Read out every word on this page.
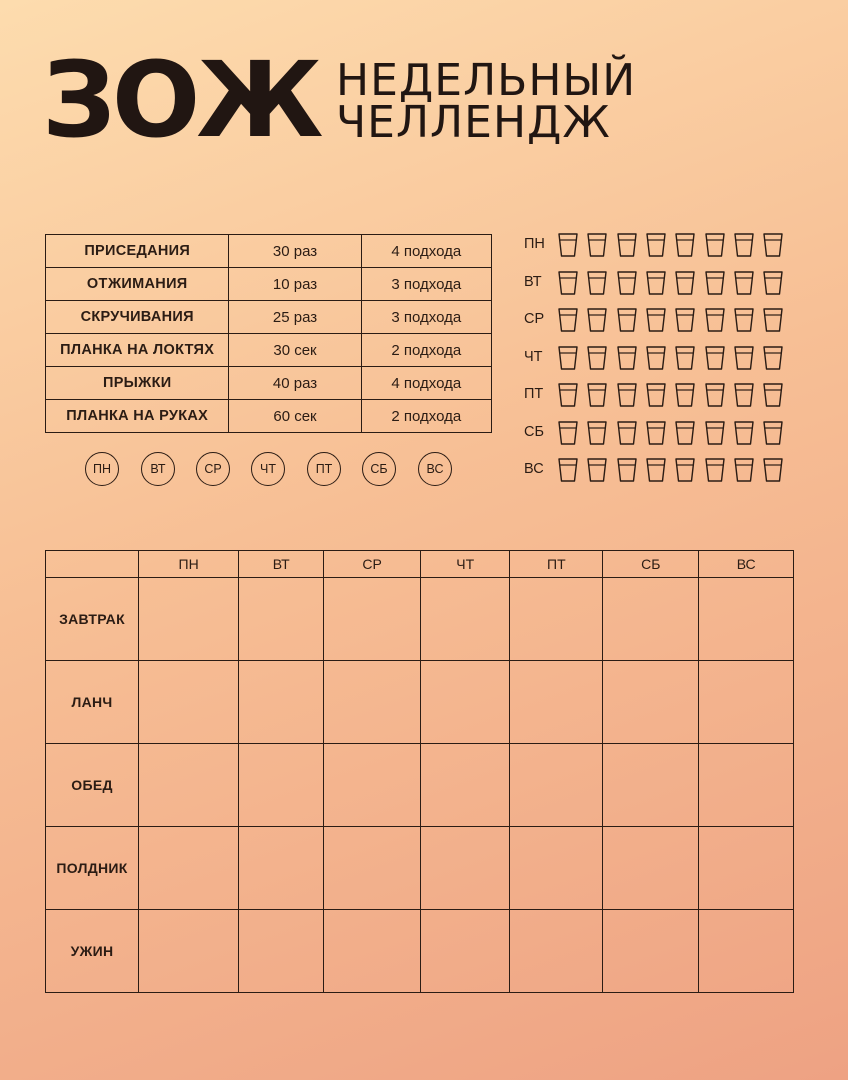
ЗОЖ НЕДЕЛЬНЫЙ
ЧЕЛЛЕНДЖ
ПРИСЕДАНИЯ	30 раз	4 подхода
ОТЖИМАНИЯ	10 раз	3 подхода
СКРУЧИВАНИЯ	25 раз	3 подхода
ПЛАНКА НА ЛОКТЯХ	30 сек	2 подхода
ПРЫЖКИ	40 раз	4 подхода
ПЛАНКА НА РУКАХ	60 сек	2 подхода
ПН	ВТ	СР	ЧТ	ПТ	СБ	ВС
ПН
ВТ
СР
ЧТ
ПТ
СБ
ВС
	ПН	ВТ	СР	ЧТ	ПТ	СБ	ВС
ЗАВТРАК							
ЛАНЧ							
ОБЕД							
ПОЛДНИК							
УЖИН							
